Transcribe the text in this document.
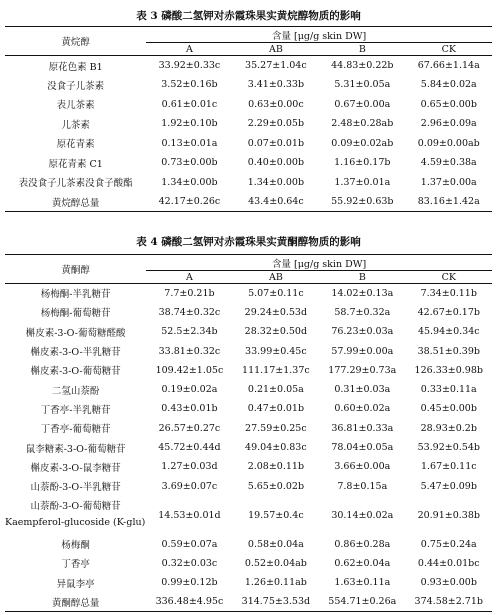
表 3 磷酸二氢钾对赤霞珠果实黄烷醇物质的影响
黄烷醇	含量 [μg/g skin DW]			
	A	AB	B	CK

原花色素 B1	33.92±0.33c	35.27±1.04c	44.83±0.22b	67.66±1.14a

没食子儿茶素	3.52±0.16b	3.41±0.33b	5.31±0.05a	5.84±0.02a

表儿茶素	0.61±0.01c	0.63±0.00c	0.67±0.00a	0.65±0.00b

儿茶素	1.92±0.10b	2.29±0.05b	2.48±0.28ab	2.96±0.09a

原花青素	0.13±0.01a	0.07±0.01b	0.09±0.02ab	0.09±0.00ab

原花青素 C1	0.73±0.00b	0.40±0.00b	1.16±0.17b	4.59±0.38a

表没食子儿茶素没食子酸酯	1.34±0.00b	1.34±0.00b	1.37±0.01a	1.37±0.00a

黄烷醇总量	42.17±0.26c	43.4±0.64c	55.92±0.63b	83.16±1.42a
表 4 磷酸二氢钾对赤霞珠果实黄酮醇物质的影响
黄酮醇	含量 [μg/g skin DW]			
	A	AB	B	CK

杨梅酮-半乳糖苷	7.7±0.21b	5.07±0.11c	14.02±0.13a	7.34±0.11b

杨梅酮-葡萄糖苷	38.74±0.32c	29.24±0.53d	58.7±0.32a	42.67±0.17b

槲皮素-3-O-葡萄糖醛酸	52.5±2.34b	28.32±0.50d	76.23±0.03a	45.94±0.34c

槲皮素-3-O-半乳糖苷	33.81±0.32c	33.99±0.45c	57.99±0.00a	38.51±0.39b

槲皮素-3-O-葡萄糖苷	109.42±1.05c	111.17±1.37c	177.29±0.73a	126.33±0.98b

二氢山萘酚	0.19±0.02a	0.21±0.05a	0.31±0.03a	0.33±0.11a

丁香亭-半乳糖苷	0.43±0.01b	0.47±0.01b	0.60±0.02a	0.45±0.00b

丁香亭-葡萄糖苷	26.57±0.27c	27.59±0.25c	36.81±0.33a	28.93±0.2b

鼠李糖素-3-O-葡萄糖苷	45.72±0.44d	49.04±0.83c	78.04±0.05a	53.92±0.54b

槲皮素-3-O-鼠李糖苷	1.27±0.03d	2.08±0.11b	3.66±0.00a	1.67±0.11c

山萘酚-3-O-半乳糖苷	3.69±0.07c	5.65±0.02b	7.8±0.15a	5.47±0.09b

山萘酚-3-O-葡萄糖苷
Kaempferol-glucoside (K-glu)	14.53±0.01d	19.57±0.4c	30.14±0.02a	20.91±0.38b

杨梅酮	0.59±0.07a	0.58±0.04a	0.86±0.28a	0.75±0.24a

丁香亭	0.32±0.03c	0.52±0.04ab	0.62±0.04a	0.44±0.01bc

异鼠李亭	0.99±0.12b	1.26±0.11ab	1.63±0.11a	0.93±0.00b

黄酮醇总量	336.48±4.95c	314.75±3.53d	554.71±0.26a	374.58±2.71b
